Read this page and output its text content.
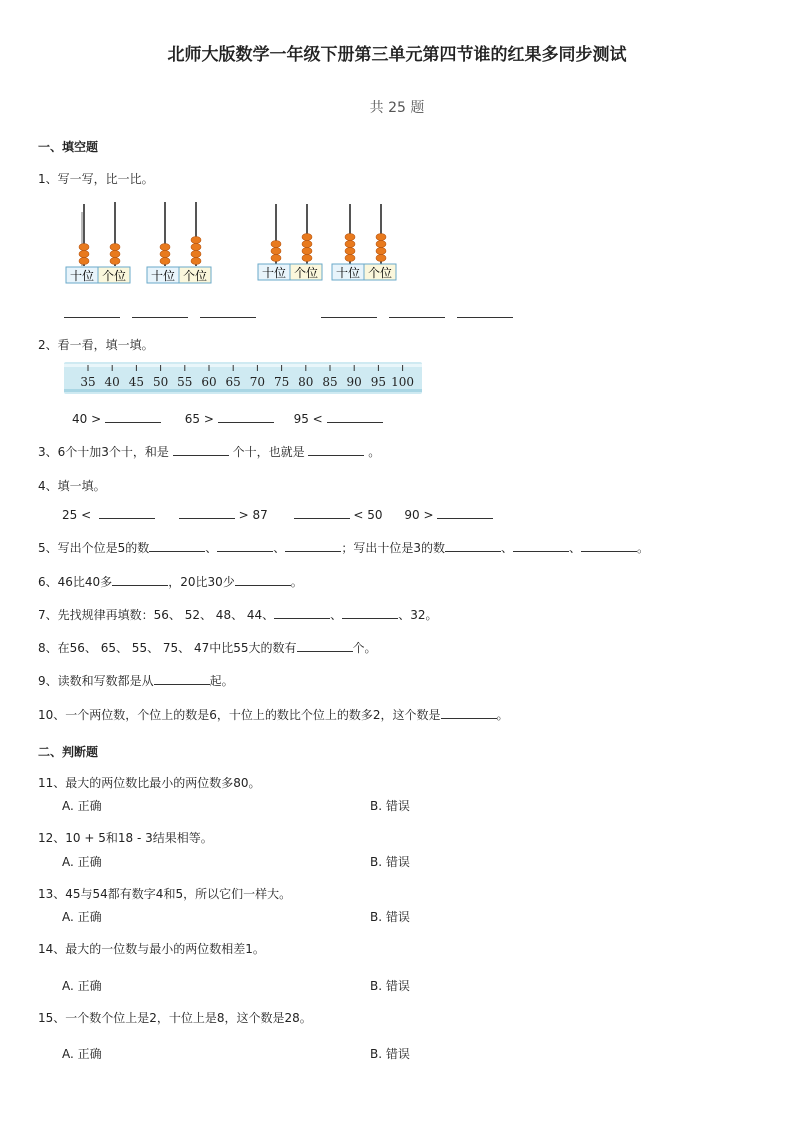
北师大版数学一年级下册第三单元第四节谁的红果多同步测试
共 25 题
一、填空题
1、写一写，比一比。
十位 个位 十位 个位	十位 个位 十位 个位

2、看一看，填一填。
35 40 45 50 55 60 65 70 75 80 85 90 95 100
40 >	65 >	95 <
3、6个十加3个十，和是	个十，也就是	。
4、填一填。
25 <	> 87	< 50 90 >
5、写出个位是5的数	、	、	；写出十位是3的数	、	、	。
6、46比40多	，20比30少	。
7、先找规律再填数：56、 52、 48、 44、	、	、32。
8、在56、 65、 55、 75、 47中比55大的数有	个。
9、读数和写数都是从	起。
10、一个两位数，个位上的数是6，十位上的数比个位上的数多2，这个数是	。
二、判断题
11、最大的两位数比最小的两位数多80。
A. 正确	B. 错误
12、10 + 5和18 - 3结果相等。
A. 正确	B. 错误
13、45与54都有数字4和5，所以它们一样大。
A. 正确	B. 错误
14、最大的一位数与最小的两位数相差1。
A. 正确	B. 错误
15、一个数个位上是2，十位上是8，这个数是28。
A. 正确	B. 错误
